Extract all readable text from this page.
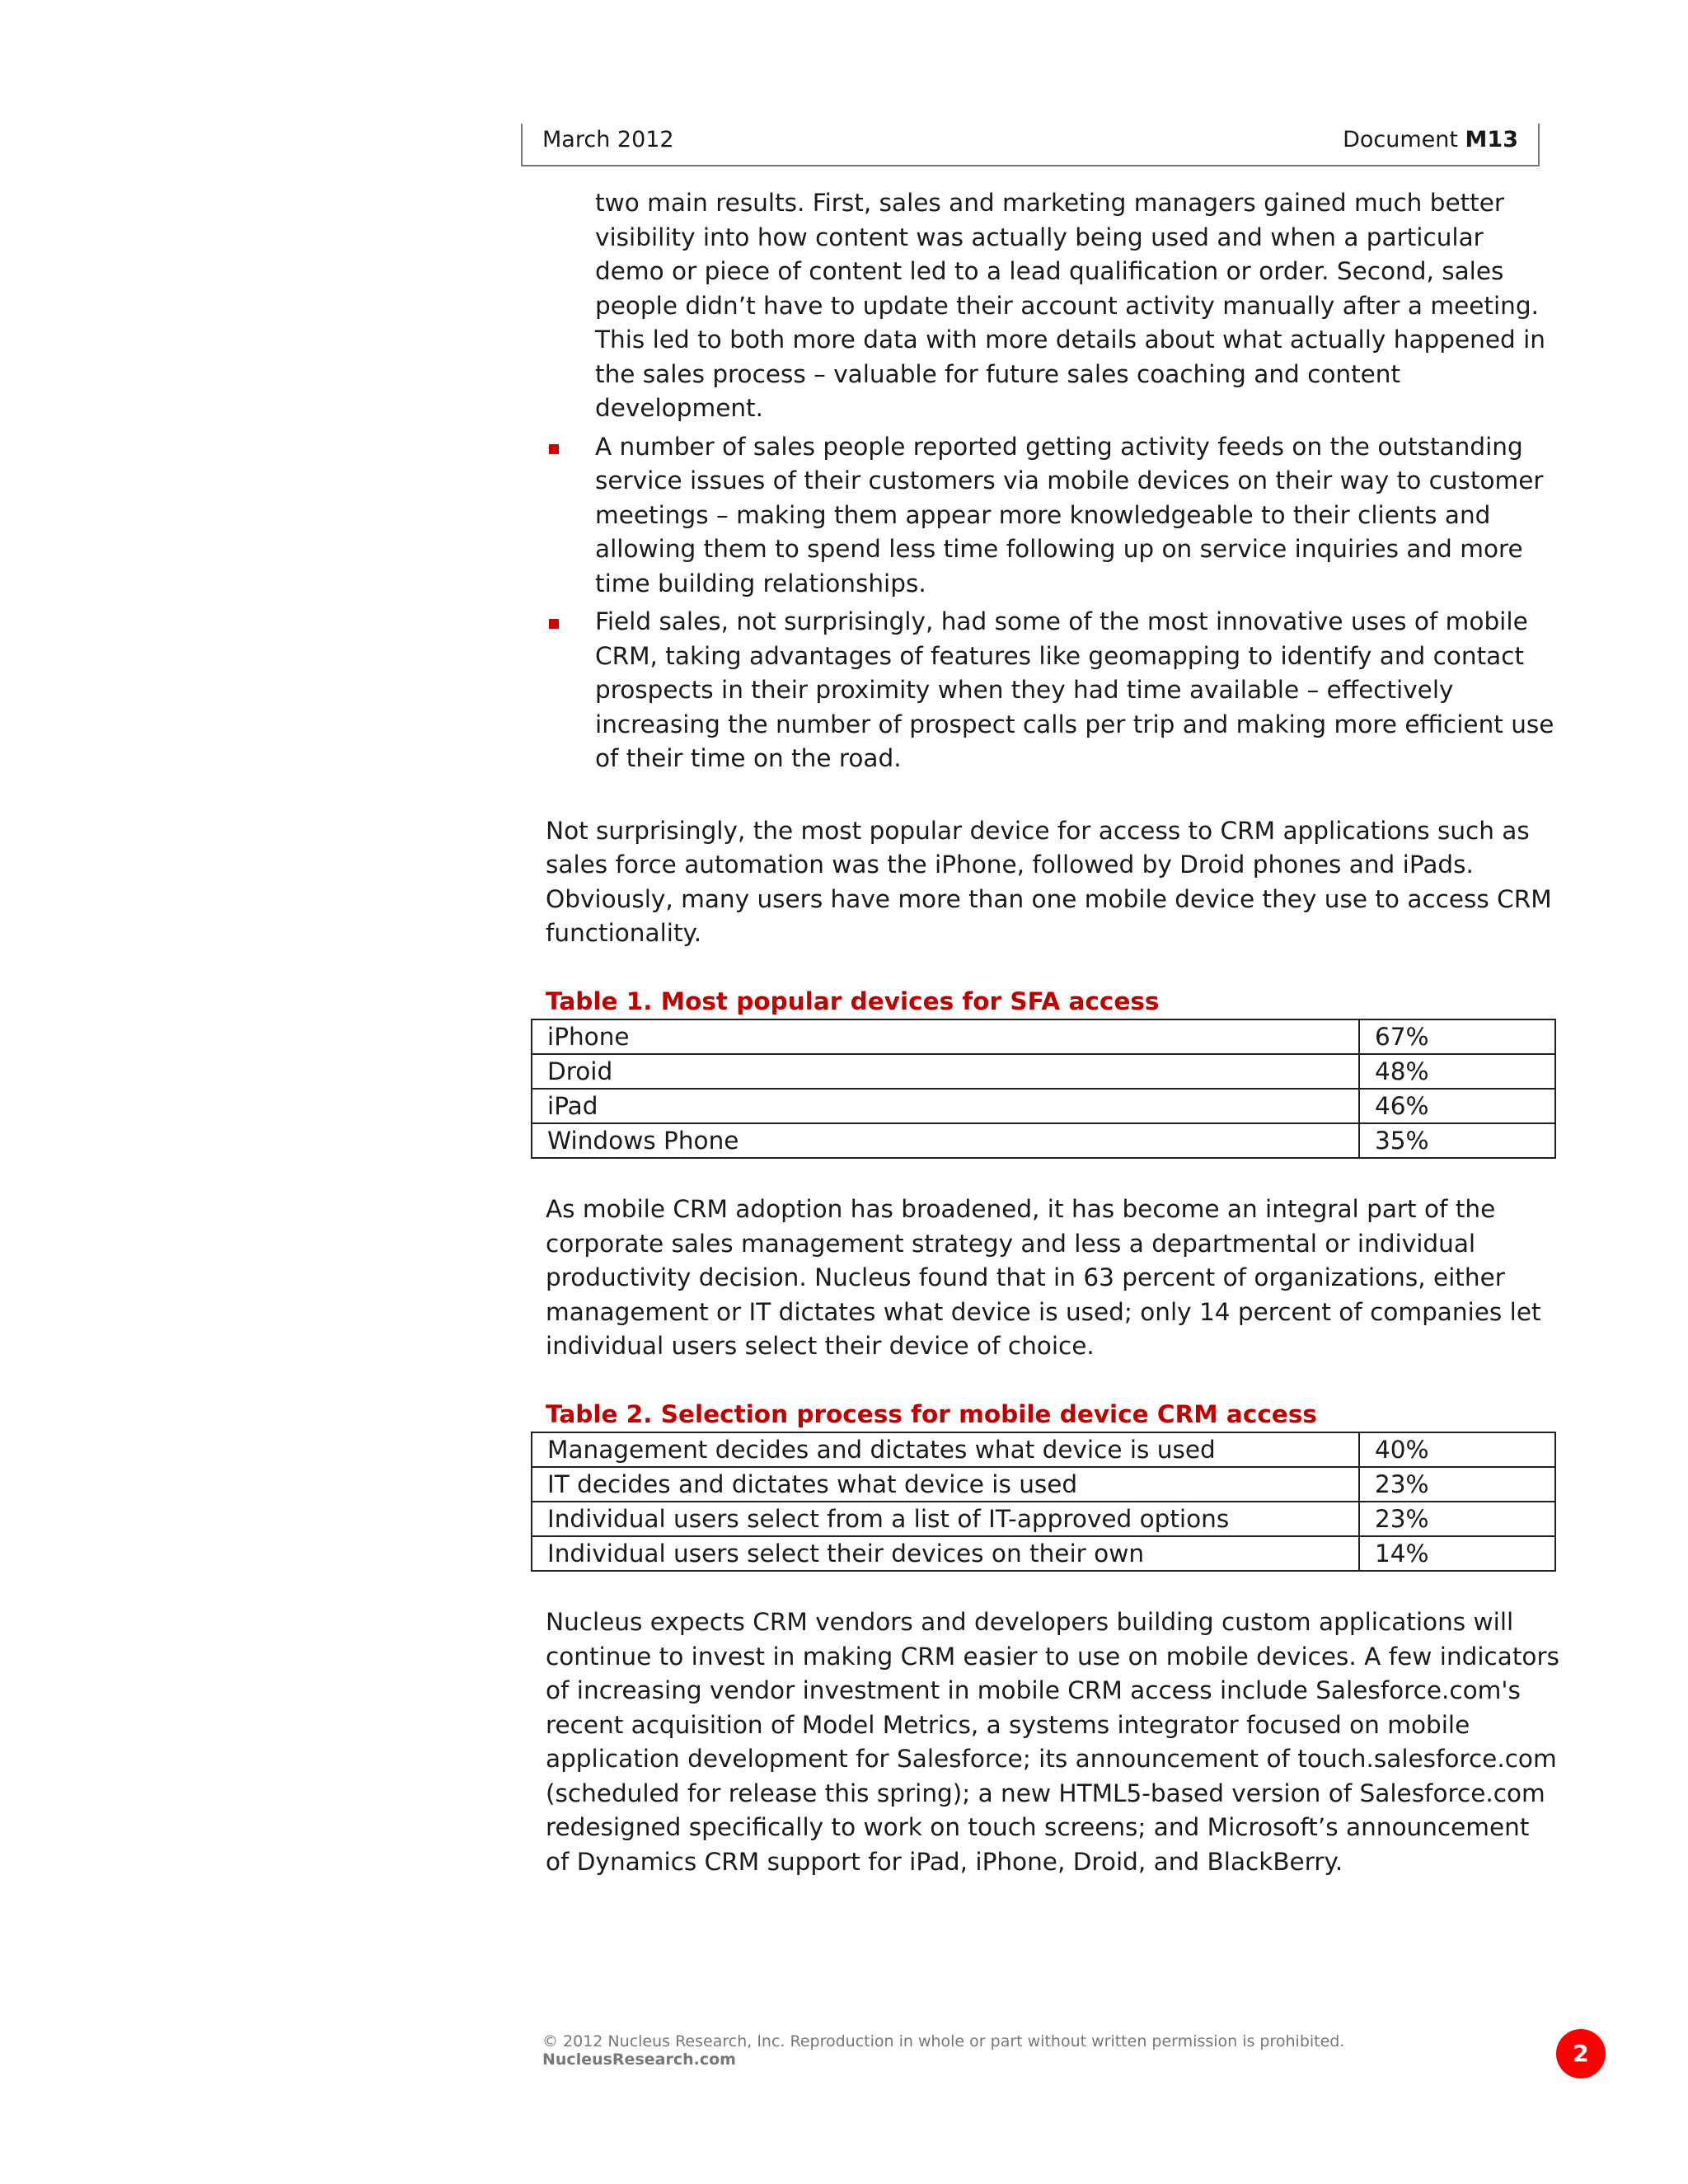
March 2012	Document M13

two main results. First, sales and marketing managers gained much better visibility into how content was actually being used and when a particular demo or piece of content led to a lead qualification or order. Second, sales people didn’t have to update their account activity manually after a meeting. This led to both more data with more details about what actually happened in the sales process – valuable for future sales coaching and content development.

A number of sales people reported getting activity feeds on the outstanding service issues of their customers via mobile devices on their way to customer meetings – making them appear more knowledgeable to their clients and allowing them to spend less time following up on service inquiries and more time building relationships.
Field sales, not surprisingly, had some of the most innovative uses of mobile CRM, taking advantages of features like geomapping to identify and contact prospects in their proximity when they had time available – effectively increasing the number of prospect calls per trip and making more efficient use of their time on the road.

Not surprisingly, the most popular device for access to CRM applications such as sales force automation was the iPhone, followed by Droid phones and iPads. Obviously, many users have more than one mobile device they use to access CRM functionality.

Table 1. Most popular devices for SFA access

iPhone	67%
Droid	48%
iPad	46%
Windows Phone	35%

As mobile CRM adoption has broadened, it has become an integral part of the corporate sales management strategy and less a departmental or individual productivity decision. Nucleus found that in 63 percent of organizations, either management or IT dictates what device is used; only 14 percent of companies let individual users select their device of choice.

Table 2. Selection process for mobile device CRM access

Management decides and dictates what device is used	40%
IT decides and dictates what device is used	23%
Individual users select from a list of IT-approved options	23%
Individual users select their devices on their own	14%

Nucleus expects CRM vendors and developers building custom applications will continue to invest in making CRM easier to use on mobile devices. A few indicators of increasing vendor investment in mobile CRM access include Salesforce.com's recent acquisition of Model Metrics, a systems integrator focused on mobile application development for Salesforce; its announcement of touch.salesforce.com (scheduled for release this spring); a new HTML5-based version of Salesforce.com redesigned specifically to work on touch screens; and Microsoft’s announcement of Dynamics CRM support for iPad, iPhone, Droid, and BlackBerry.

© 2012 Nucleus Research, Inc. Reproduction in whole or part without written permission is prohibited.
NucleusResearch.com	2
